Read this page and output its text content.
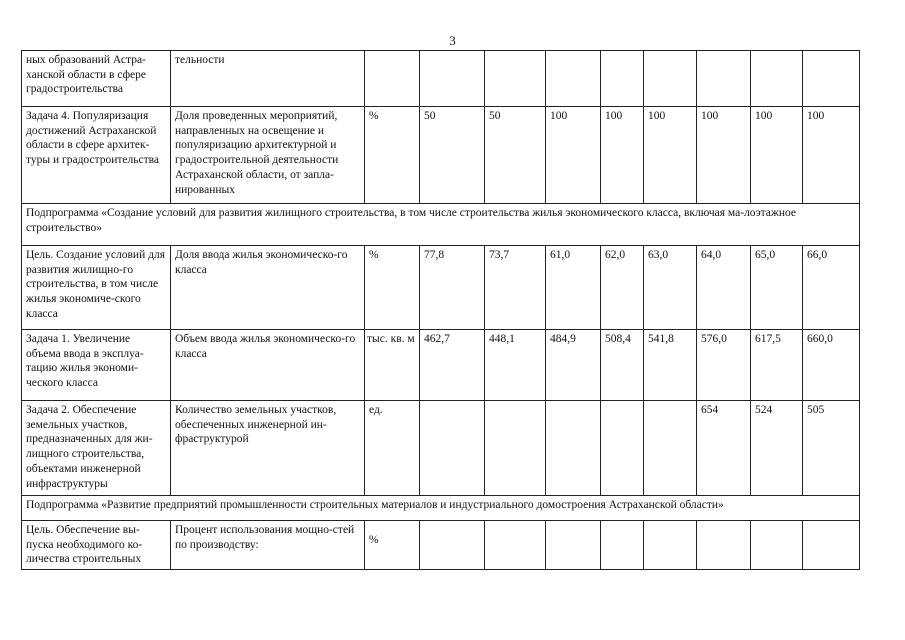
3
ных образований Астра-ханской области в сфере градостроительства	тельности									
Задача 4. Популяризация достижений Астраханской области в сфере архитек-туры и градостроительства	Доля проведенных мероприятий, направленных на освещение и популяризацию архитектурной и градостроительной деятельности Астраханской области, от запла-нированных	%	50	50	100	100	100	100	100	100
Подпрограмма «Создание условий для развития жилищного строительства, в том числе строительства жилья экономического класса, включая ма-лоэтажное строительство»										
Цель. Создание условий для развития жилищно-го строительства, в том числе жилья экономиче-ского класса	Доля ввода жилья экономическо-го класса	%	77,8	73,7	61,0	62,0	63,0	64,0	65,0	66,0
Задача 1. Увеличение объема ввода в эксплуа-тацию жилья экономи-ческого класса	Объем ввода жилья экономическо-го класса	тыс. кв. м	462,7	448,1	484,9	508,4	541,8	576,0	617,5	660,0
Задача 2. Обеспечение земельных участков, предназначенных для жи-лищного строительства, объектами инженерной инфраструктуры	Количество земельных участков, обеспеченных инженерной ин-фраструктурой	ед.						654	524	505
Подпрограмма «Развитие предприятий промышленности строительных материалов и индустриального домостроения Астраханской области»										
Цель. Обеспечение вы-пуска необходимого ко-личества строительных	Процент использования мощно-стей по производству:	%								
